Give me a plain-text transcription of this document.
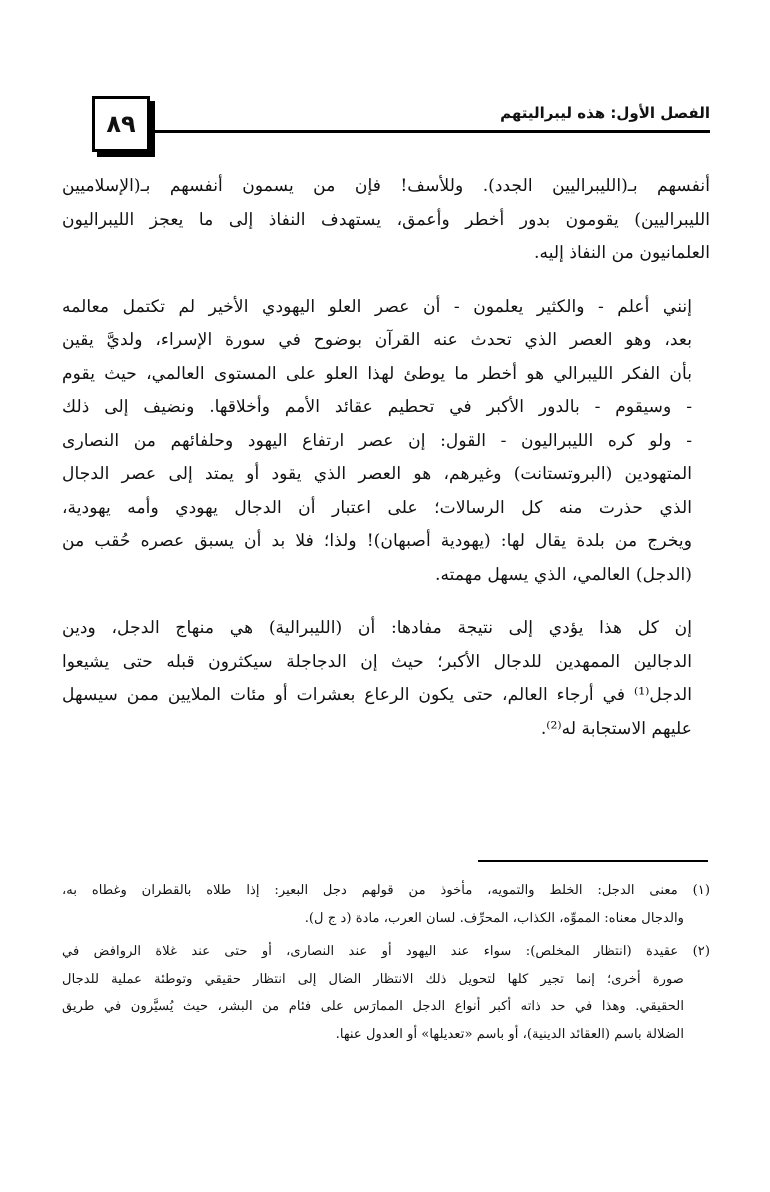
٨٩	الفصل الأول: هذه ليبراليتهم

أنفسهم بـ(الليبراليين الجدد). وللأسف! فإن من يسمون أنفسهم بـ(الإسلاميين
الليبراليين) يقومون بدور أخطر وأعمق، يستهدف النفاذ إلى ما يعجز الليبراليون
العلمانيون من النفاذ إليه.

إنني أعلم - والكثير يعلمون - أن عصر العلو اليهودي الأخير لم تكتمل معالمه
بعد، وهو العصر الذي تحدث عنه القرآن بوضوح في سورة الإسراء، ولديَّ يقين
بأن الفكر الليبرالي هو أخطر ما يوطئ لهذا العلو على المستوى العالمي، حيث يقوم
- وسيقوم - بالدور الأكبر في تحطيم عقائد الأمم وأخلاقها. ونضيف إلى ذلك
- ولو كره الليبراليون - القول: إن عصر ارتفاع اليهود وحلفائهم من النصارى
المتهودين (البروتستانت) وغيرهم، هو العصر الذي يقود أو يمتد إلى عصر الدجال
الذي حذرت منه كل الرسالات؛ على اعتبار أن الدجال يهودي وأمه يهودية،
ويخرج من بلدة يقال لها: (يهودية أصبهان)! ولذا؛ فلا بد أن يسبق عصره حُقب من
(الدجل) العالمي، الذي يسهل مهمته.

إن كل هذا يؤدي إلى نتيجة مفادها: أن (الليبرالية) هي منهاج الدجل، ودين
الدجالين الممهدين للدجال الأكبر؛ حيث إن الدجاجلة سيكثرون قبله حتى يشيعوا
الدجل⁽¹⁾ في أرجاء العالم، حتى يكون الرعاع بعشرات أو مئات الملايين ممن سيسهل
عليهم الاستجابة له⁽²⁾.

(١) معنى الدجل: الخلط والتمويه، مأخوذ من قولهم دجل البعير: إذا طلاه بالقطران وغطاه به،
والدجال معناه: المموِّه، الكذاب، المحرِّف. لسان العرب، مادة (د ج ل).

(٢) عقيدة (انتظار المخلص): سواء عند اليهود أو عند النصارى، أو حتى عند غلاة الروافض في
صورة أخرى؛ إنما تجير كلها لتحويل ذلك الانتظار الضال إلى انتظار حقيقي وتوطئة عملية للدجال
الحقيقي. وهذا في حد ذاته أكبر أنواع الدجل الممارَس على فئام من البشر، حيث يُسيَّرون في طريق
الضلالة باسم (العقائد الدينية)، أو باسم «تعديلها» أو العدول عنها.
